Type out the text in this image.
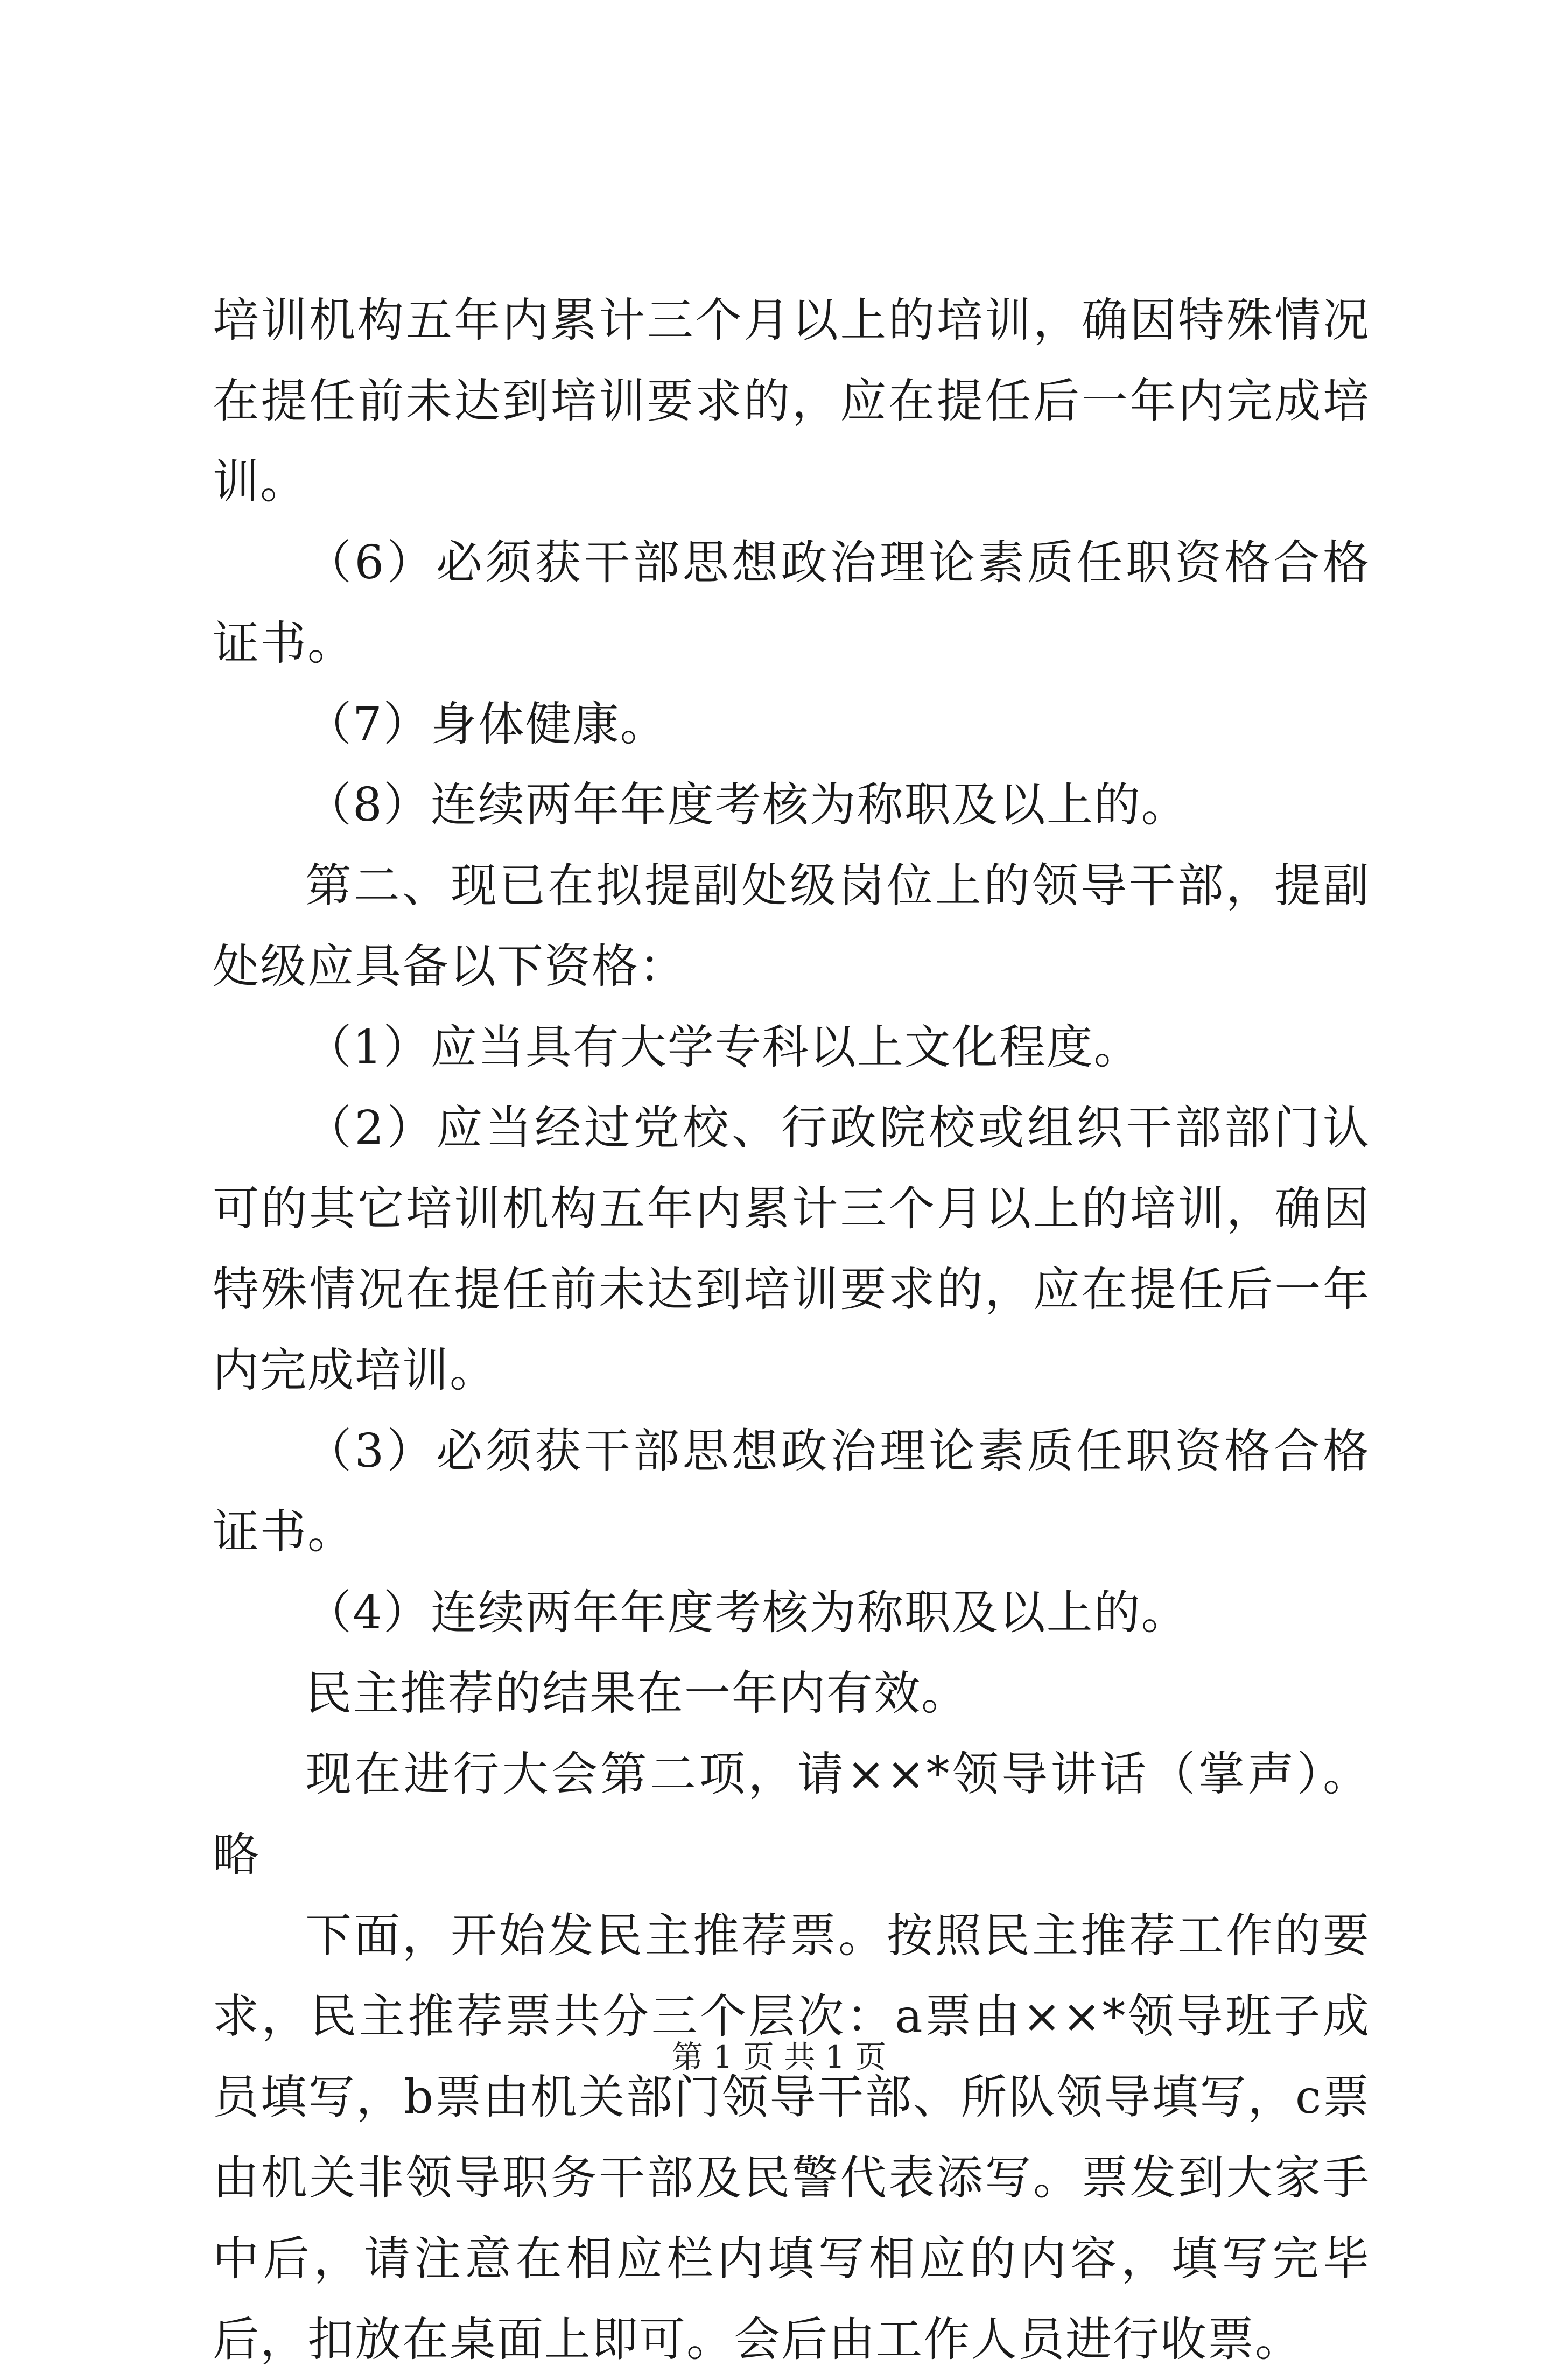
培训机构五年内累计三个月以上的培训，确因特殊情况在提任前未达到培训要求的，应在提任后一年内完成培训。

（6）必须获干部思想政治理论素质任职资格合格证书。

（7）身体健康。

（8）连续两年年度考核为称职及以上的。

第二、现已在拟提副处级岗位上的领导干部，提副处级应具备以下资格：

（1）应当具有大学专科以上文化程度。

（2）应当经过党校、行政院校或组织干部部门认可的其它培训机构五年内累计三个月以上的培训，确因特殊情况在提任前未达到培训要求的，应在提任后一年内完成培训。

（3）必须获干部思想政治理论素质任职资格合格证书。

（4）连续两年年度考核为称职及以上的。

民主推荐的结果在一年内有效。

现在进行大会第二项，请××*领导讲话（掌声）。略

下面，开始发民主推荐票。按照民主推荐工作的要求，民主推荐票共分三个层次：a票由××*领导班子成员填写，b票由机关部门领导干部、所队领导填写，c票由机关非领导职务干部及民警代表添写。票发到大家手中后，请注意在相应栏内填写相应的内容，填写完毕后，扣放在桌面上即可。会后由工作人员进行收票。

第 1 页 共 1 页
